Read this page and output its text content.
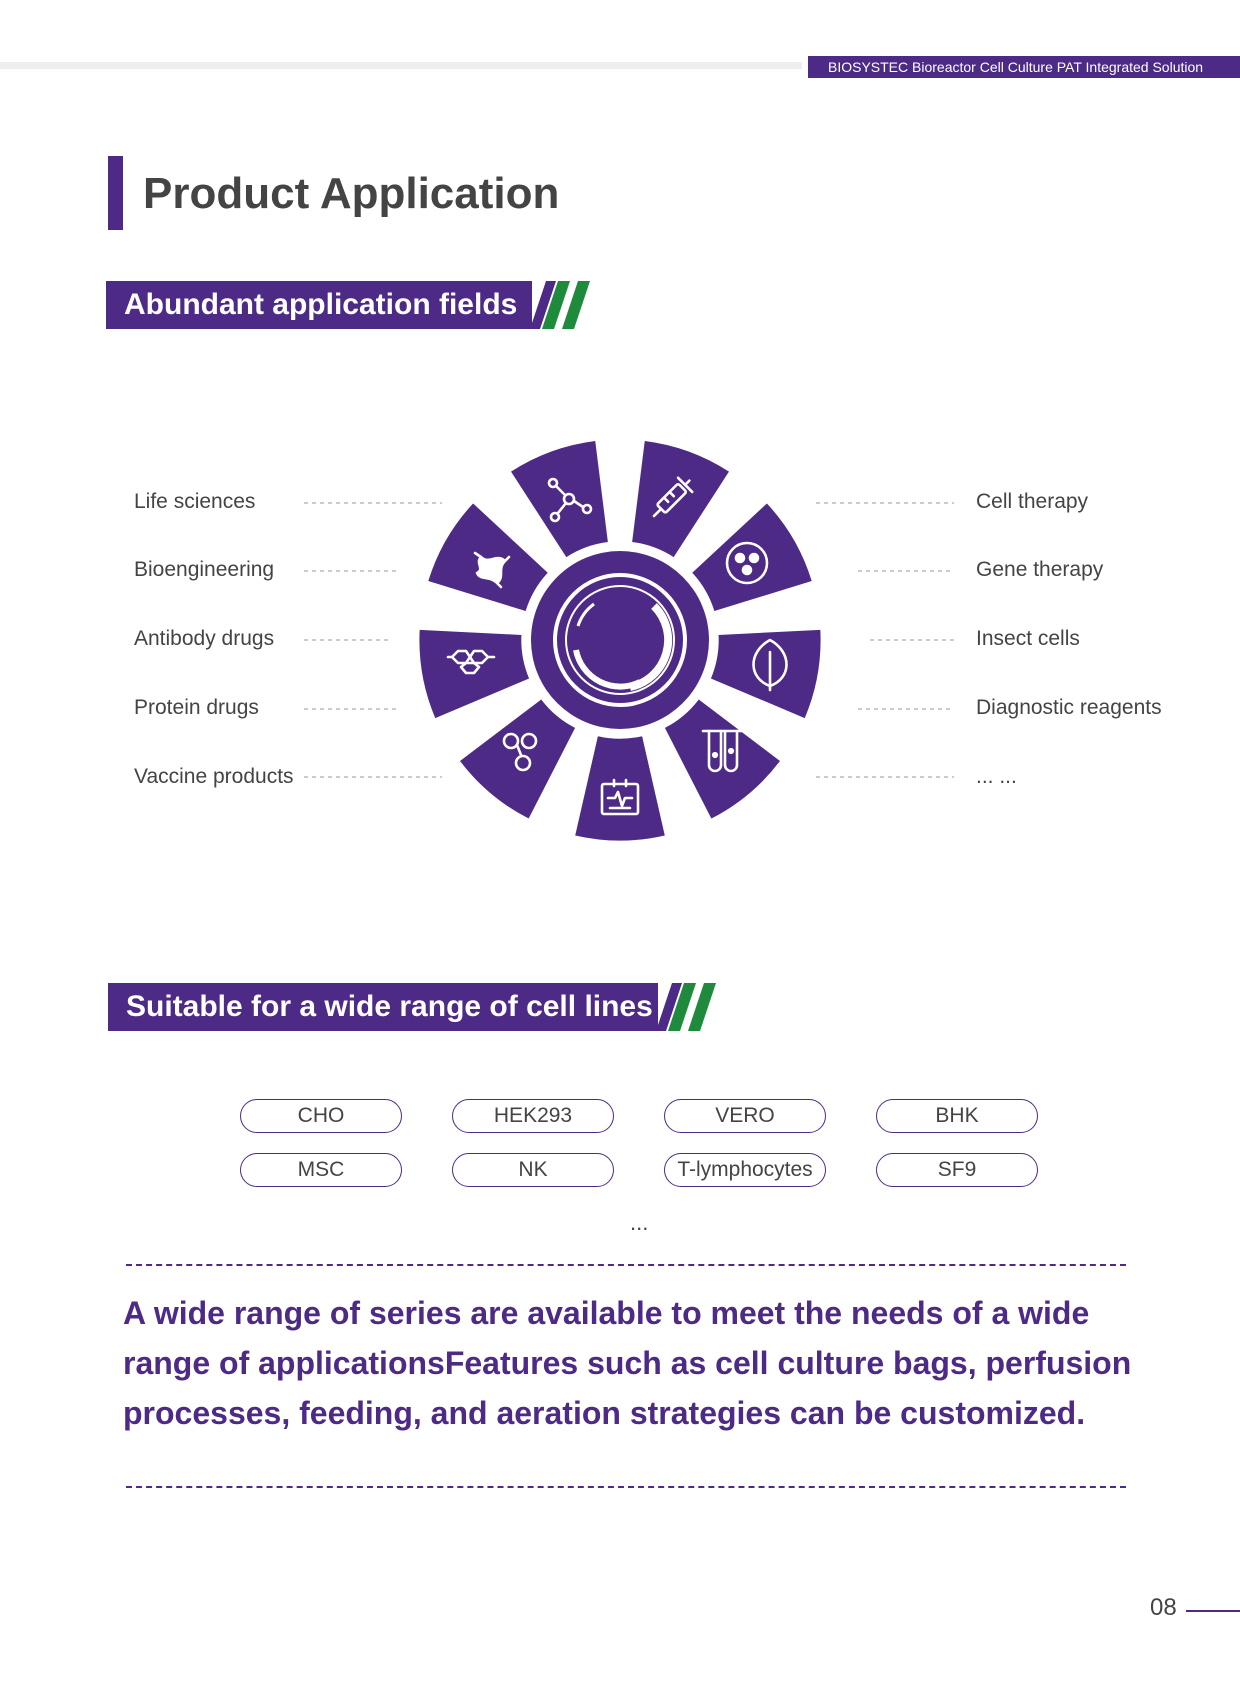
BIOSYSTEC Bioreactor Cell Culture PAT Integrated Solution
Product Application
Abundant application fields
Life sciences
Bioengineering
Antibody drugs
Protein drugs
Vaccine products
Cell therapy
Gene therapy
Insect cells
Diagnostic reagents
... ...
Suitable for a wide range of cell lines
CHO	HEK293	VERO	BHK
MSC	NK	T-lymphocytes	SF9
...

A wide range of series are available to meet the needs of a wide range of applicationsFeatures such as cell culture bags, perfusion processes, feeding, and aeration strategies can be customized.

08
